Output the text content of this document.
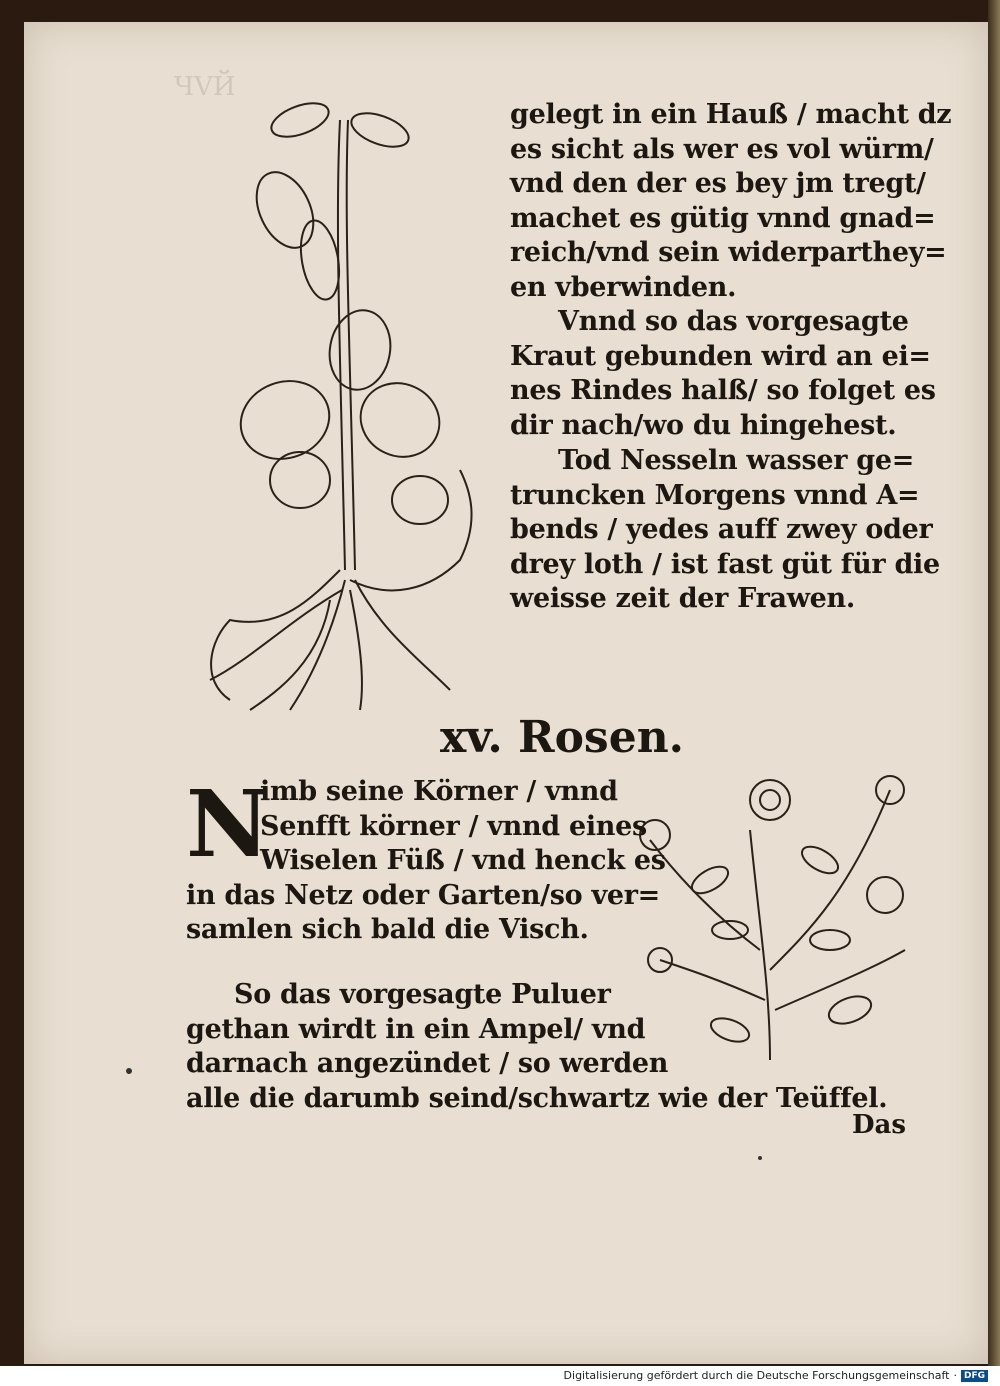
ЧVЙ
gelegt in ein Hauß / macht dz
es sicht als wer es vol würm/
vnd den der es bey jm tregt/
machet es gütig vnnd gnad=
reich/vnd sein widerparthey=
en vberwinden.
Vnnd so das vorgesagte
Kraut gebunden wird an ei=
nes Rindes halß/ so folget es
dir nach/wo du hingehest.
Tod Nesseln wasser ge=
truncken Morgens vnnd A=
bends / yedes auff zwey oder
drey loth / ist fast güt für die
weisse zeit der Frawen.
xv. Rosen.
N
imb seine Körner / vnnd
Senfft körner / vnnd eines
Wiselen Füß / vnd henck es
in das Netz oder Garten/so ver=
samlen sich bald die Visch.
So das vorgesagte Puluer
gethan wirdt in ein Ampel/ vnd
darnach angezündet / so werden
alle die darumb seind/schwartz wie der Teüffel.
Das
Digitalisierung gefördert durch die Deutsche Forschungsgemeinschaft · DFG
